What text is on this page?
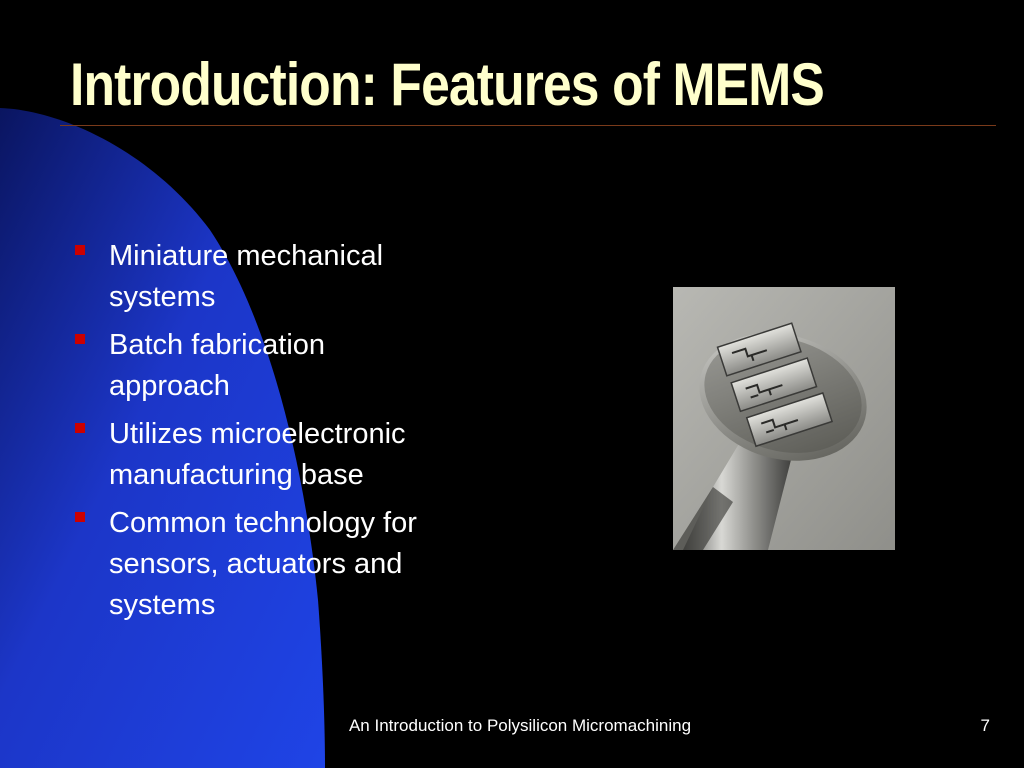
Introduction: Features of MEMS
Miniature mechanical
systems
Batch fabrication
approach
Utilizes microelectronic
manufacturing base
Common technology for
sensors, actuators and
systems
An Introduction to Polysilicon Micromachining	7
